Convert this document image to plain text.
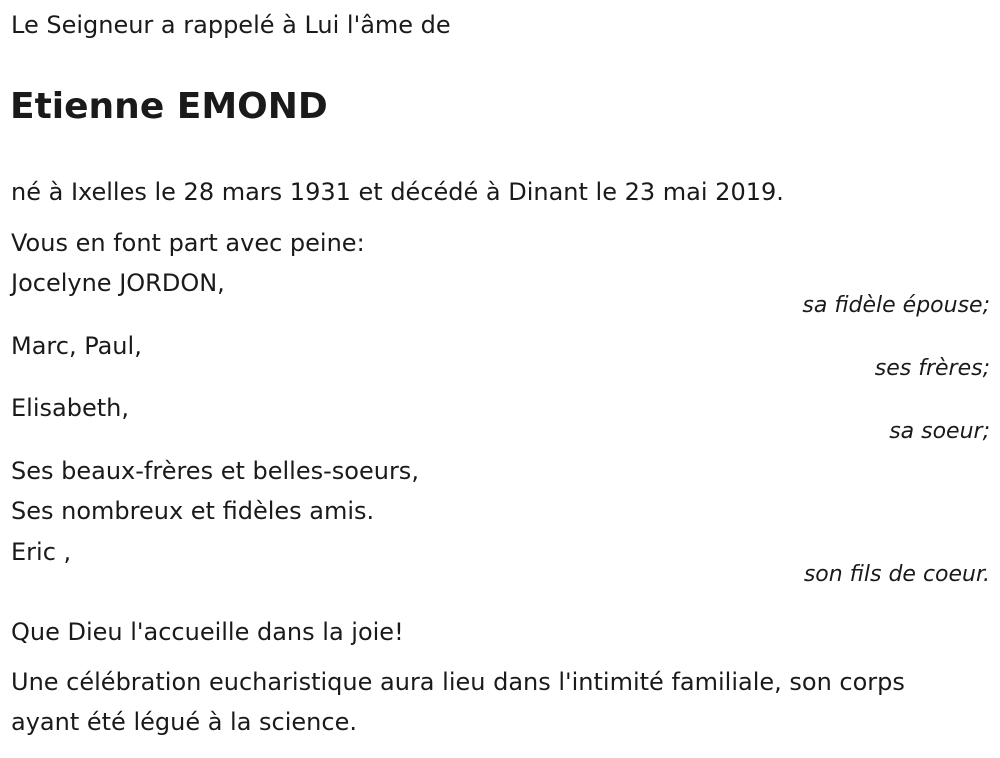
Le Seigneur a rappelé à Lui l'âme de
Etienne EMOND
né à Ixelles le 28 mars 1931 et décédé à Dinant le 23 mai 2019.
Vous en font part avec peine:
Jocelyne JORDON,
sa fidèle épouse;
Marc, Paul,
ses frères;
Elisabeth,
sa soeur;
Ses beaux-frères et belles-soeurs,
Ses nombreux et fidèles amis.
Eric ,
son fils de coeur.
Que Dieu l'accueille dans la joie!
Une célébration eucharistique aura lieu dans l'intimité familiale, son corps ayant été légué à la science.
